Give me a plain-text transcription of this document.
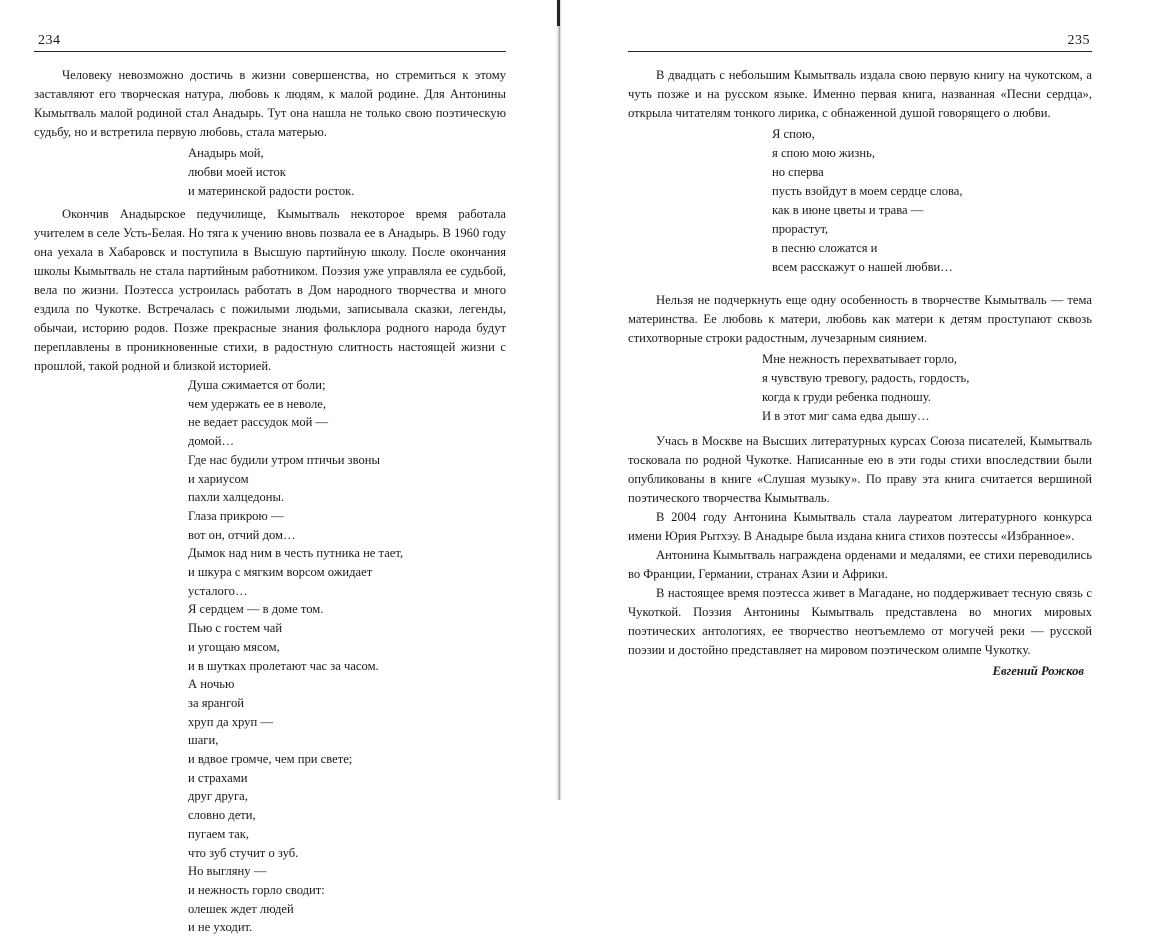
234

Человеку невозможно достичь в жизни совершенства, но стремиться к этому заставляют его творческая натура, любовь к людям, к малой родине. Для Антонины Кымытваль малой родиной стал Анадырь. Тут она нашла не только свою поэтическую судьбу, но и встретила первую любовь, стала матерью.

Анадырь мой,
любви моей исток
и материнской радости росток.

Окончив Анадырское педучилище, Кымытваль некоторое время работала учителем в селе Усть-Белая. Но тяга к учению вновь позвала ее в Анадырь. В 1960 году она уехала в Хабаровск и поступила в Высшую партийную школу. После окончания школы Кымытваль не стала партийным работником. Поэзия уже управляла ее судьбой, вела по жизни. Поэтесса устроилась работать в Дом народного творчества и много ездила по Чукотке. Встречалась с пожилыми людьми, записывала сказки, легенды, обычаи, историю родов. Позже прекрасные знания фольклора родного народа будут переплавлены в проникновенные стихи, в радостную слитность настоящей жизни с прошлой, такой родной и близкой историей.

Душа сжимается от боли;
чем удержать ее в неволе,
не ведает рассудок мой —
домой…
Где нас будили утром птичьи звоны
и хариусом
пахли халцедоны.
Глаза прикрою —
вот он, отчий дом…
Дымок над ним в честь путника не тает,
и шкура с мягким ворсом ожидает
усталого…
Я сердцем — в доме том.
Пью с гостем чай
и угощаю мясом,
и в шутках пролетают час за часом.
А ночью
за ярангой
хруп да хруп —
шаги,
и вдвое громче, чем при свете;
и страхами
друг друга,
словно дети,
пугаем так,
что зуб стучит о зуб.
Но выгляну —
и нежность горло сводит:
олешек ждет людей
и не уходит.
235

В двадцать с небольшим Кымытваль издала свою первую книгу на чукотском, а чуть позже и на русском языке. Именно первая книга, названная «Песни сердца», открыла читателям тонкого лирика, с обнаженной душой говорящего о любви.

Я спою,
я спою мою жизнь,
но сперва
пусть взойдут в моем сердце слова,
как в июне цветы и трава —
прорастут,
в песню сложатся и
всем расскажут о нашей любви…

Нельзя не подчеркнуть еще одну особенность в творчестве Кымытваль — тема материнства. Ее любовь к матери, любовь как матери к детям проступают сквозь стихотворные строки радостным, лучезарным сиянием.

Мне нежность перехватывает горло,
я чувствую тревогу, радость, гордость,
когда к груди ребенка подношу.
И в этот миг сама едва дышу…

Учась в Москве на Высших литературных курсах Союза писателей, Кымытваль тосковала по родной Чукотке. Написанные ею в эти годы стихи впоследствии были опубликованы в книге «Слушая музыку». По праву эта книга считается вершиной поэтического творчества Кымытваль.

В 2004 году Антонина Кымытваль стала лауреатом литературного конкурса имени Юрия Рытхэу. В Анадыре была издана книга стихов поэтессы «Избранное».

Антонина Кымытваль награждена орденами и медалями, ее стихи переводились во Франции, Германии, странах Азии и Африки.

В настоящее время поэтесса живет в Магадане, но поддерживает тесную связь с Чукоткой. Поэзия Антонины Кымытваль представлена во многих мировых поэтических антологиях, ее творчество неотъемлемо от могучей реки — русской поэзии и достойно представляет на мировом поэтическом олимпе Чукотку.

Евгений Рожков
